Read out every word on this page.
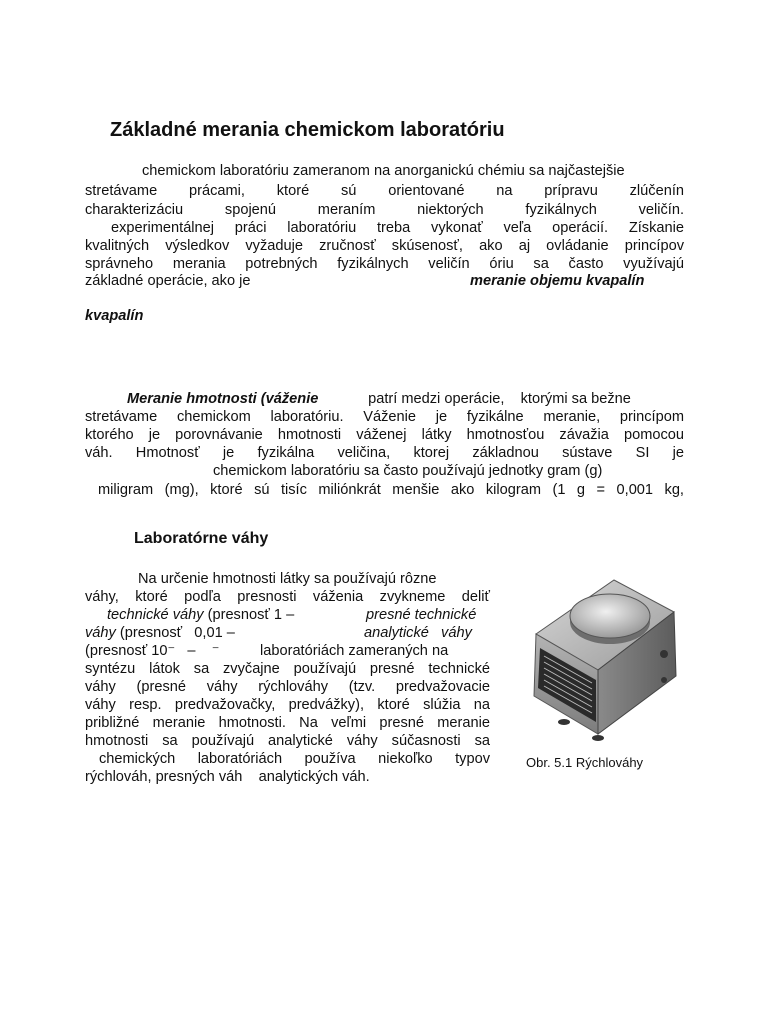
Základné merania chemickom laboratóriu
chemickom laboratóriu zameranom na anorganickú chémiu sa najčastejšie
stretávame prácami, ktoré sú orientované na prípravu zlúčenín
charakterizáciu spojenú meraním niektorých fyzikálnych veličín.
experimentálnej práci laboratóriu treba vykonať veľa operácií. Získanie
kvalitných výsledkov vyžaduje zručnosť skúsenosť, ako aj ovládanie princípov
správneho merania potrebných fyzikálnych veličín óriu sa často využívajú
základné operácie, ako je	meranie objemu kvapalín
kvapalín
Meranie hmotnosti (váženie	patrí medzi operácie,    ktorými sa bežne
stretávame chemickom laboratóriu. Váženie je fyzikálne meranie, princípom
ktorého je porovnávanie hmotnosti váženej látky hmotnosťou závažia pomocou
váh. Hmotnosť je fyzikálna veličina, ktorej základnou sústave SI je
chemickom laboratóriu sa často používajú jednotky gram (g)
miligram (mg), ktoré sú tisíc miliónkrát menšie ako kilogram (1 g = 0,001 kg,
Laboratórne váhy
Na určenie hmotnosti látky sa používajú rôzne
váhy, ktoré podľa presnosti váženia zvykneme deliť
technické váhy (presnosť 1 – presné technické
váhy (presnosť   0,01 –	analytické   váhy
(presnosť 10⁻   –    ⁻          laboratóriách zameraných na
syntézu látok sa zvyčajne používajú presné technické
váhy (presné váhy rýchlováhy (tzv. predvažovacie
váhy resp. predvažovačky, predvážky), ktoré slúžia na
približné meranie hmotnosti. Na veľmi presné meranie
hmotnosti sa používajú analytické váhy súčasnosti sa
chemických laboratóriách používa niekoľko typov
rýchlováh, presných váh    analytických váh.
Obr. 5.1 Rýchlováhy
